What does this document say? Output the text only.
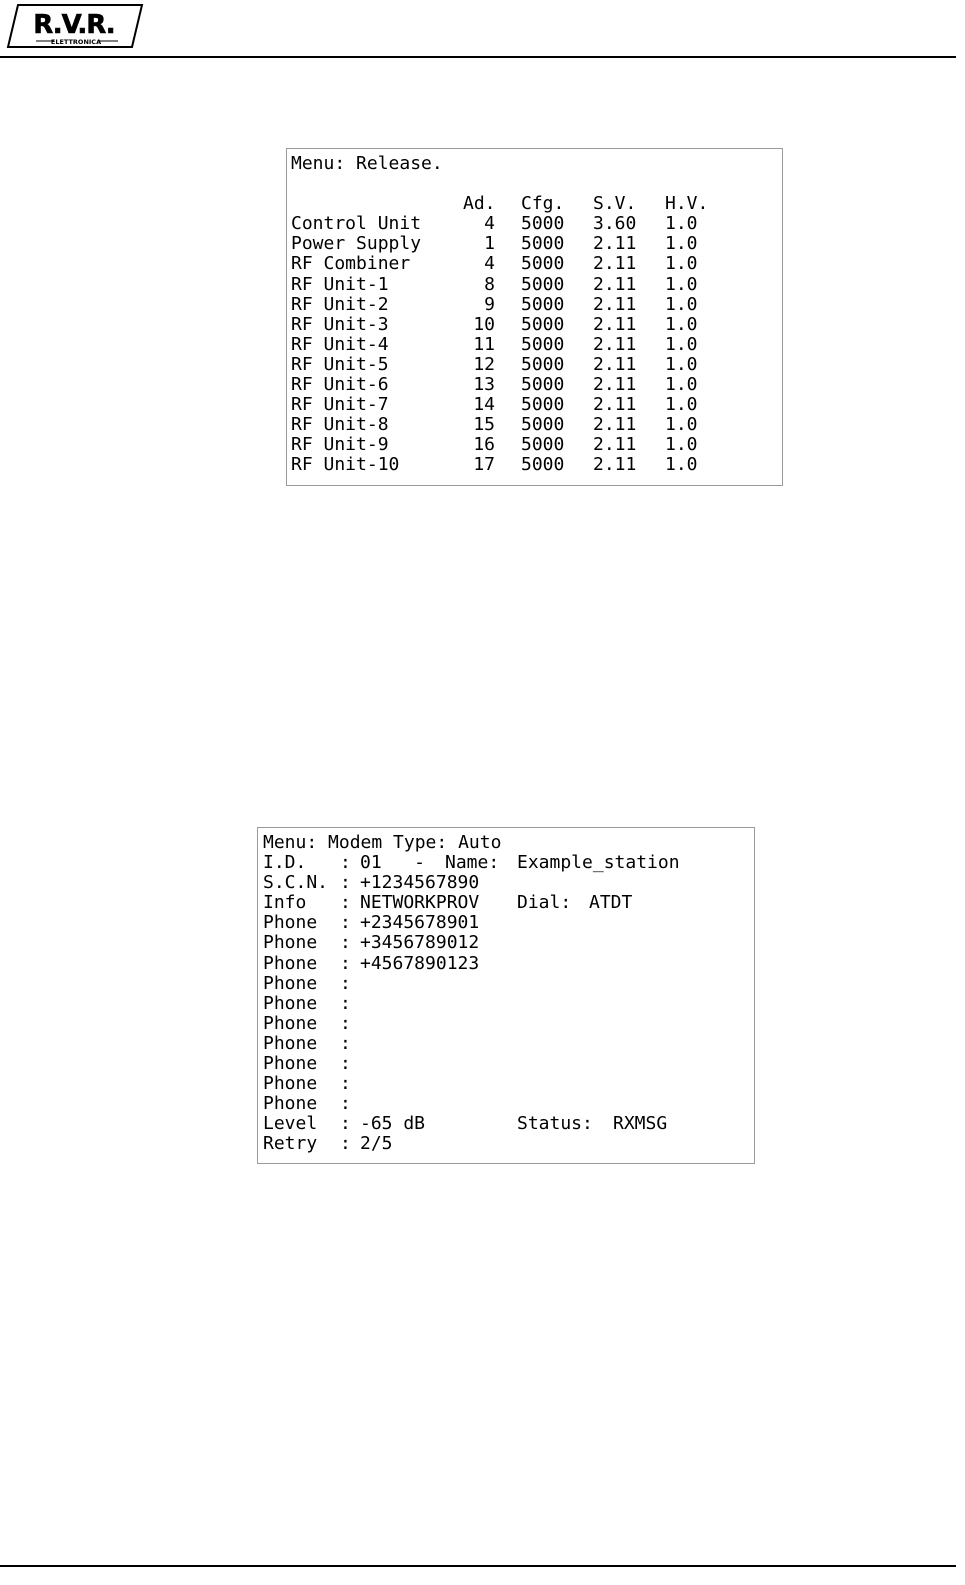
R.V.R.
ELETTRONICA
Menu: Release.
Ad. Cfg. S.V. H.V.
Control Unit	4 5000 3.60 1.0
Power Supply	1 5000 2.11 1.0
RF Combiner	4 5000 2.11 1.0
RF Unit-1	8 5000 2.11 1.0
RF Unit-2	9 5000 2.11 1.0
RF Unit-3	10 5000 2.11 1.0
RF Unit-4	11 5000 2.11 1.0
RF Unit-5	12 5000 2.11 1.0
RF Unit-6	13 5000 2.11 1.0
RF Unit-7	14 5000 2.11 1.0
RF Unit-8	15 5000 2.11 1.0
RF Unit-9	16 5000 2.11 1.0
RF Unit-10	17 5000 2.11 1.0
Menu: Modem Type: Auto
I.D. : 01   - Name: Example_station
S.C.N. : +1234567890
Info : NETWORKPROV Dial: ATDT
Phone : +2345678901
Phone : +3456789012
Phone : +4567890123
Phone :
Phone :
Phone :
Phone :
Phone :
Phone :
Phone :
Level : -65 dB	Status: RXMSG
Retry : 2/5
